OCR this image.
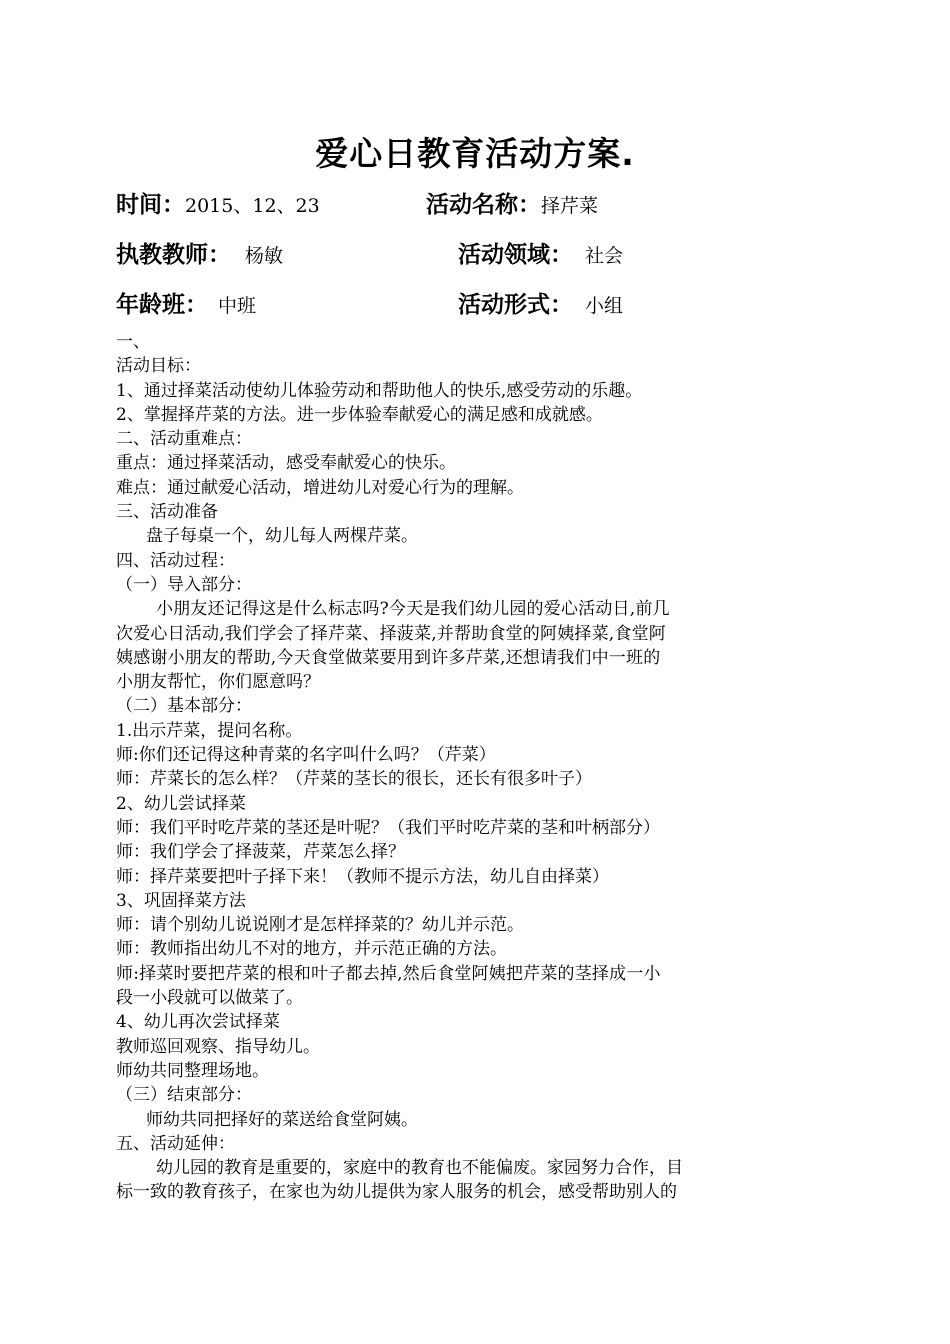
爱心日教育活动方案.
时间：2015、12、23	活动名称：择芹菜
执教教师： 杨敏	活动领域： 社会
年龄班： 中班	活动形式： 小组
一、
活动目标：
1、通过择菜活动使幼儿体验劳动和帮助他人的快乐,感受劳动的乐趣。
2、掌握择芹菜的方法。进一步体验奉献爱心的满足感和成就感。
二、活动重难点：
重点：通过择菜活动，感受奉献爱心的快乐。
难点：通过献爱心活动，增进幼儿对爱心行为的理解。
三、活动准备
盘子每桌一个，幼儿每人两棵芹菜。
四、活动过程：
（一）导入部分：
小朋友还记得这是什么标志吗?今天是我们幼儿园的爱心活动日,前几
次爱心日活动,我们学会了择芹菜、择菠菜,并帮助食堂的阿姨择菜,食堂阿
姨感谢小朋友的帮助,今天食堂做菜要用到许多芹菜,还想请我们中一班的
小朋友帮忙，你们愿意吗？
（二）基本部分：
1.出示芹菜，提问名称。
师:你们还记得这种青菜的名字叫什么吗？（芹菜）
师：芹菜长的怎么样？（芹菜的茎长的很长，还长有很多叶子）
2、幼儿尝试择菜
师：我们平时吃芹菜的茎还是叶呢？（我们平时吃芹菜的茎和叶柄部分）
师：我们学会了择菠菜，芹菜怎么择？
师：择芹菜要把叶子择下来！（教师不提示方法，幼儿自由择菜）
3、巩固择菜方法
师：请个别幼儿说说刚才是怎样择菜的？幼儿并示范。
师：教师指出幼儿不对的地方，并示范正确的方法。
师:择菜时要把芹菜的根和叶子都去掉,然后食堂阿姨把芹菜的茎择成一小
段一小段就可以做菜了。
4、幼儿再次尝试择菜
教师巡回观察、指导幼儿。
师幼共同整理场地。
（三）结束部分：
师幼共同把择好的菜送给食堂阿姨。
五、活动延伸：
幼儿园的教育是重要的，家庭中的教育也不能偏废。家园努力合作，目
标一致的教育孩子，在家也为幼儿提供为家人服务的机会，感受帮助别人的
